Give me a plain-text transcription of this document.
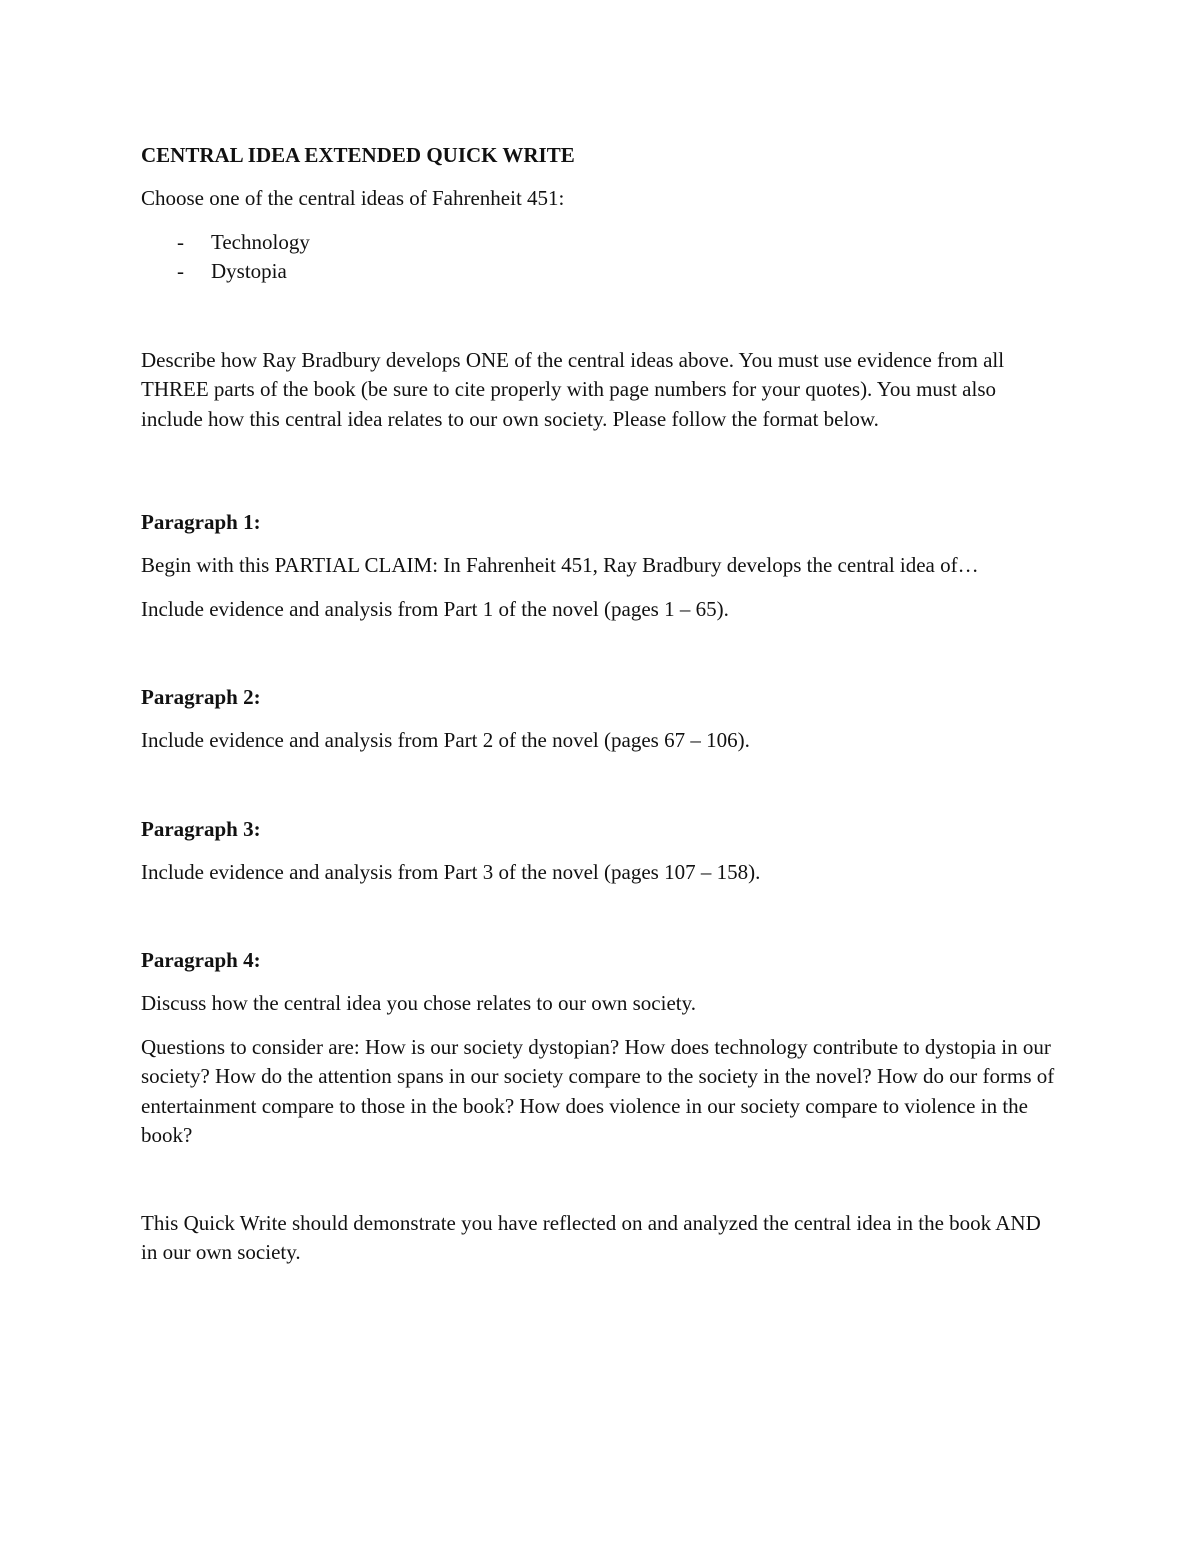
CENTRAL IDEA EXTENDED QUICK WRITE

Choose one of the central ideas of Fahrenheit 451:

- Technology
- Dystopia

Describe how Ray Bradbury develops ONE of the central ideas above. You must use evidence from all THREE parts of the book (be sure to cite properly with page numbers for your quotes). You must also include how this central idea relates to our own society. Please follow the format below.

Paragraph 1:

Begin with this PARTIAL CLAIM: In Fahrenheit 451, Ray Bradbury develops the central idea of…

Include evidence and analysis from Part 1 of the novel (pages 1 – 65).

Paragraph 2:

Include evidence and analysis from Part 2 of the novel (pages 67 – 106).

Paragraph 3:

Include evidence and analysis from Part 3 of the novel (pages 107 – 158).

Paragraph 4:

Discuss how the central idea you chose relates to our own society.

Questions to consider are: How is our society dystopian? How does technology contribute to dystopia in our society? How do the attention spans in our society compare to the society in the novel? How do our forms of entertainment compare to those in the book? How does violence in our society compare to violence in the book?

This Quick Write should demonstrate you have reflected on and analyzed the central idea in the book AND in our own society.
